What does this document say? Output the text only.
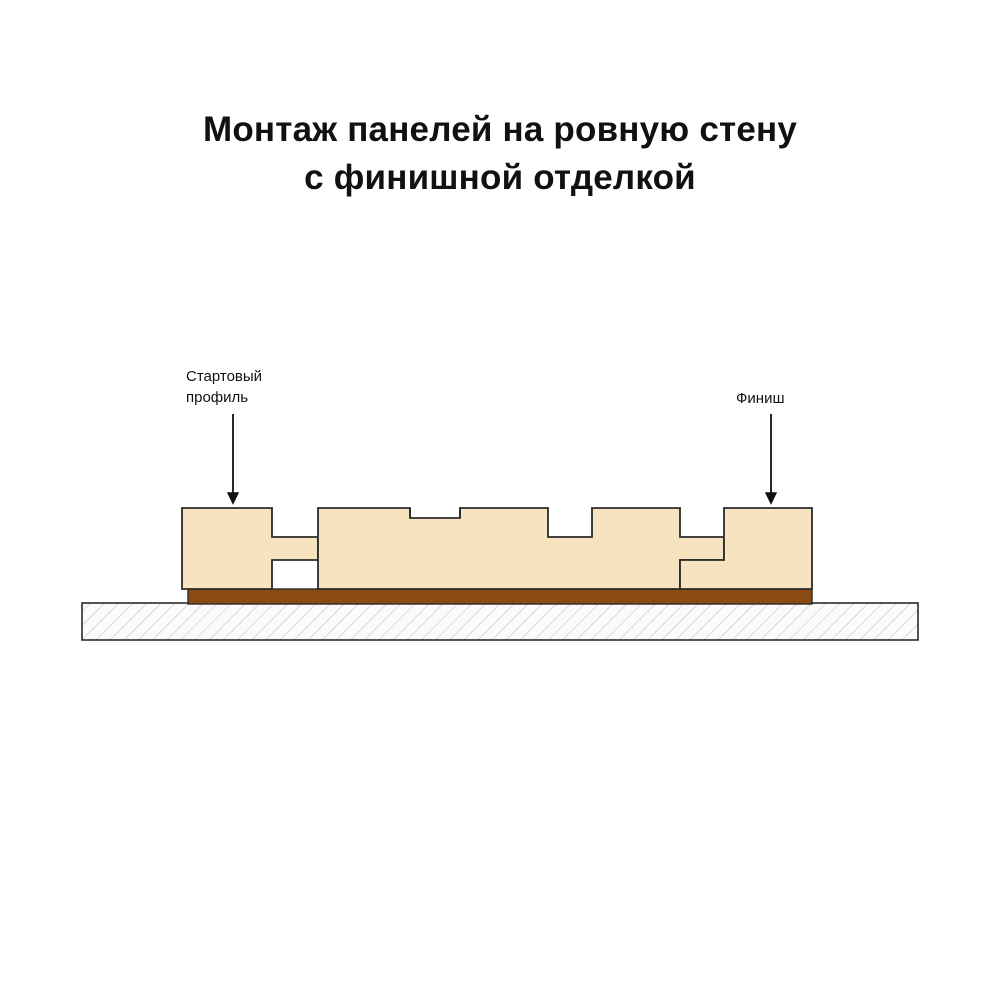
Монтаж панелей на ровную стену
с финишной отделкой
Стартовый
профиль	Финиш
